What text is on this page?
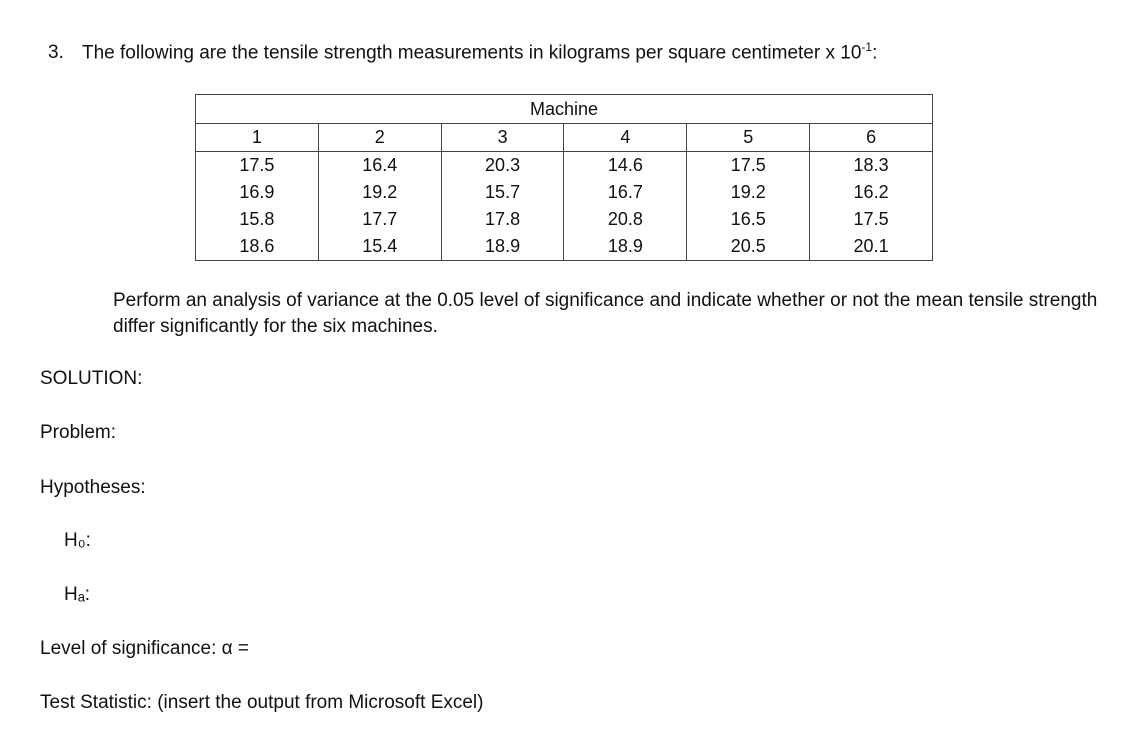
3. The following are the tensile strength measurements in kilograms per square centimeter x $10^{-1}$:
Machine					
1	2	3	4	5	6
17.5	16.4	20.3	14.6	17.5	18.3
16.9	19.2	15.7	16.7	19.2	16.2
15.8	17.7	17.8	20.8	16.5	17.5
18.6	15.4	18.9	18.9	20.5	20.1
Perform an analysis of variance at the 0.05 level of significance and indicate whether or not the mean tensile strength differ significantly for the six machines.
SOLUTION:
Problem:
Hypotheses:
H₀:
Hₐ:
Level of significance: α =
Test Statistic: (insert the output from Microsoft Excel)
